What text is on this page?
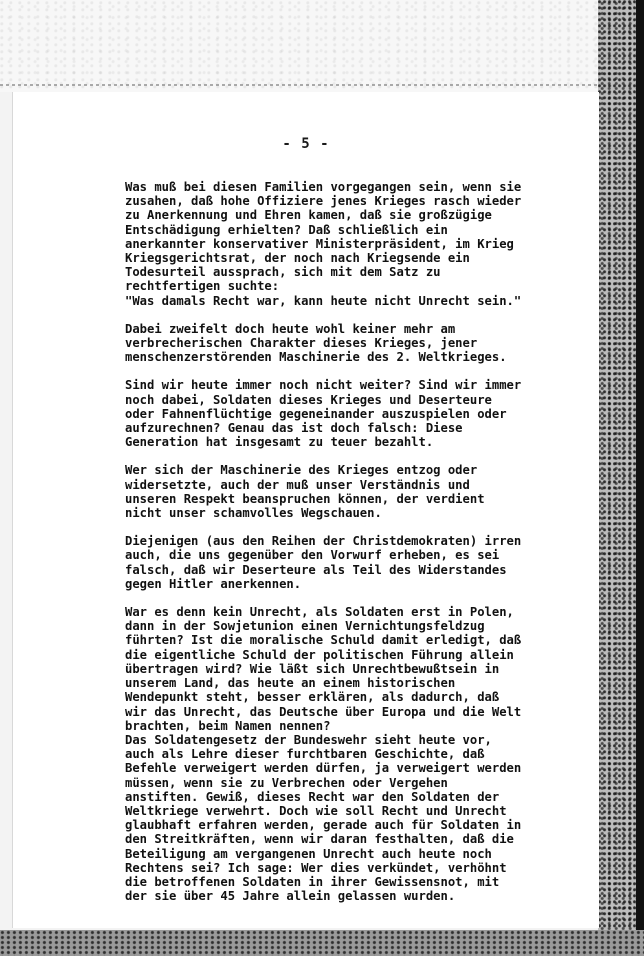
- 5 -
Was muß bei diesen Familien vorgegangen sein, wenn sie
zusahen, daß hohe Offiziere jenes Krieges rasch wieder
zu Anerkennung und Ehren kamen, daß sie großzügige
Entschädigung erhielten? Daß schließlich ein
anerkannter konservativer Ministerpräsident, im Krieg
Kriegsgerichtsrat, der noch nach Kriegsende ein
Todesurteil aussprach, sich mit dem Satz zu
rechtfertigen suchte:
"Was damals Recht war, kann heute nicht Unrecht sein."
Dabei zweifelt doch heute wohl keiner mehr am
verbrecherischen Charakter dieses Krieges, jener
menschenzerstörenden Maschinerie des 2. Weltkrieges.
Sind wir heute immer noch nicht weiter? Sind wir immer
noch dabei, Soldaten dieses Krieges und Deserteure
oder Fahnenflüchtige gegeneinander auszuspielen oder
aufzurechnen? Genau das ist doch falsch: Diese
Generation hat insgesamt zu teuer bezahlt.
Wer sich der Maschinerie des Krieges entzog oder
widersetzte, auch der muß unser Verständnis und
unseren Respekt beanspruchen können, der verdient
nicht unser schamvolles Wegschauen.
Diejenigen (aus den Reihen der Christdemokraten) irren
auch, die uns gegenüber den Vorwurf erheben, es sei
falsch, daß wir Deserteure als Teil des Widerstandes
gegen Hitler anerkennen.
War es denn kein Unrecht, als Soldaten erst in Polen,
dann in der Sowjetunion einen Vernichtungsfeldzug
führten? Ist die moralische Schuld damit erledigt, daß
die eigentliche Schuld der politischen Führung allein
übertragen wird? Wie läßt sich Unrechtbewußtsein in
unserem Land, das heute an einem historischen
Wendepunkt steht, besser erklären, als dadurch, daß
wir das Unrecht, das Deutsche über Europa und die Welt
brachten, beim Namen nennen?
Das Soldatengesetz der Bundeswehr sieht heute vor,
auch als Lehre dieser furchtbaren Geschichte, daß
Befehle verweigert werden dürfen, ja verweigert werden
müssen, wenn sie zu Verbrechen oder Vergehen
anstiften. Gewiß, dieses Recht war den Soldaten der
Weltkriege verwehrt. Doch wie soll Recht und Unrecht
glaubhaft erfahren werden, gerade auch für Soldaten in
den Streitkräften, wenn wir daran festhalten, daß die
Beteiligung am vergangenen Unrecht auch heute noch
Rechtens sei? Ich sage: Wer dies verkündet, verhöhnt
die betroffenen Soldaten in ihrer Gewissensnot, mit
der sie über 45 Jahre allein gelassen wurden.
